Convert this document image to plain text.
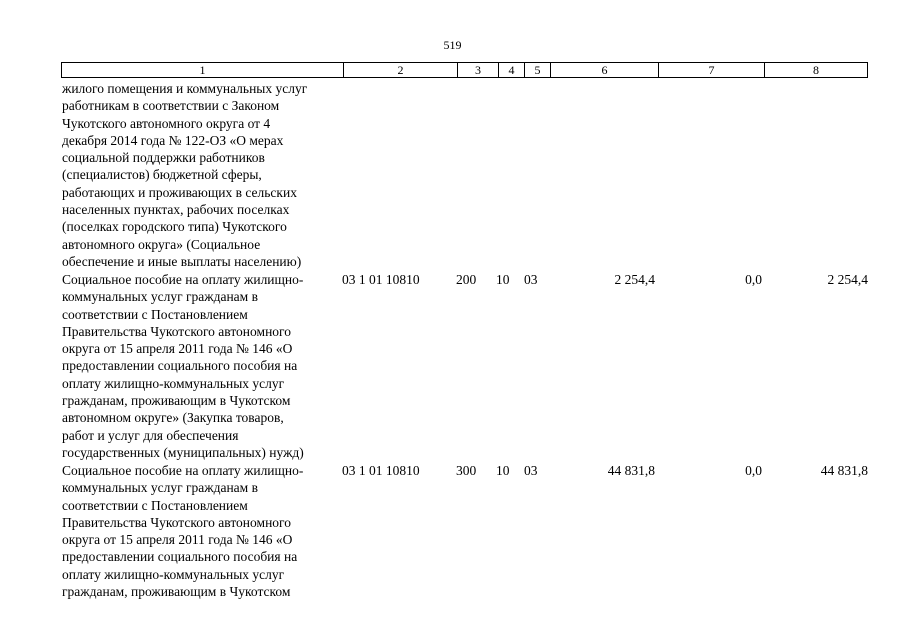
519
1	2	3	4	5	6	7	8
жилого помещения и коммунальных услуг
работникам в соответствии с Законом
Чукотского автономного округа от 4
декабря 2014 года № 122-ОЗ «О мерах
социальной поддержки работников
(специалистов) бюджетной сферы,
работающих и проживающих в сельских
населенных пунктах, рабочих поселках
(поселках городского типа) Чукотского
автономного округа» (Социальное
обеспечение и иные выплаты населению)
Социальное пособие на оплату жилищно-
коммунальных услуг гражданам в
соответствии с Постановлением
Правительства Чукотского автономного
округа от 15 апреля 2011 года № 146 «О
предоставлении социального пособия на
оплату жилищно-коммунальных услуг
гражданам, проживающим в Чукотском
автономном округе» (Закупка товаров,
работ и услуг для обеспечения
государственных (муниципальных) нужд)
03 1 01 10810	200 10 03	2 254,4	0,0	2 254,4
Социальное пособие на оплату жилищно-
коммунальных услуг гражданам в
соответствии с Постановлением
Правительства Чукотского автономного
округа от 15 апреля 2011 года № 146 «О
предоставлении социального пособия на
оплату жилищно-коммунальных услуг
гражданам, проживающим в Чукотском
03 1 01 10810	300 10 03	44 831,8	0,0	44 831,8
